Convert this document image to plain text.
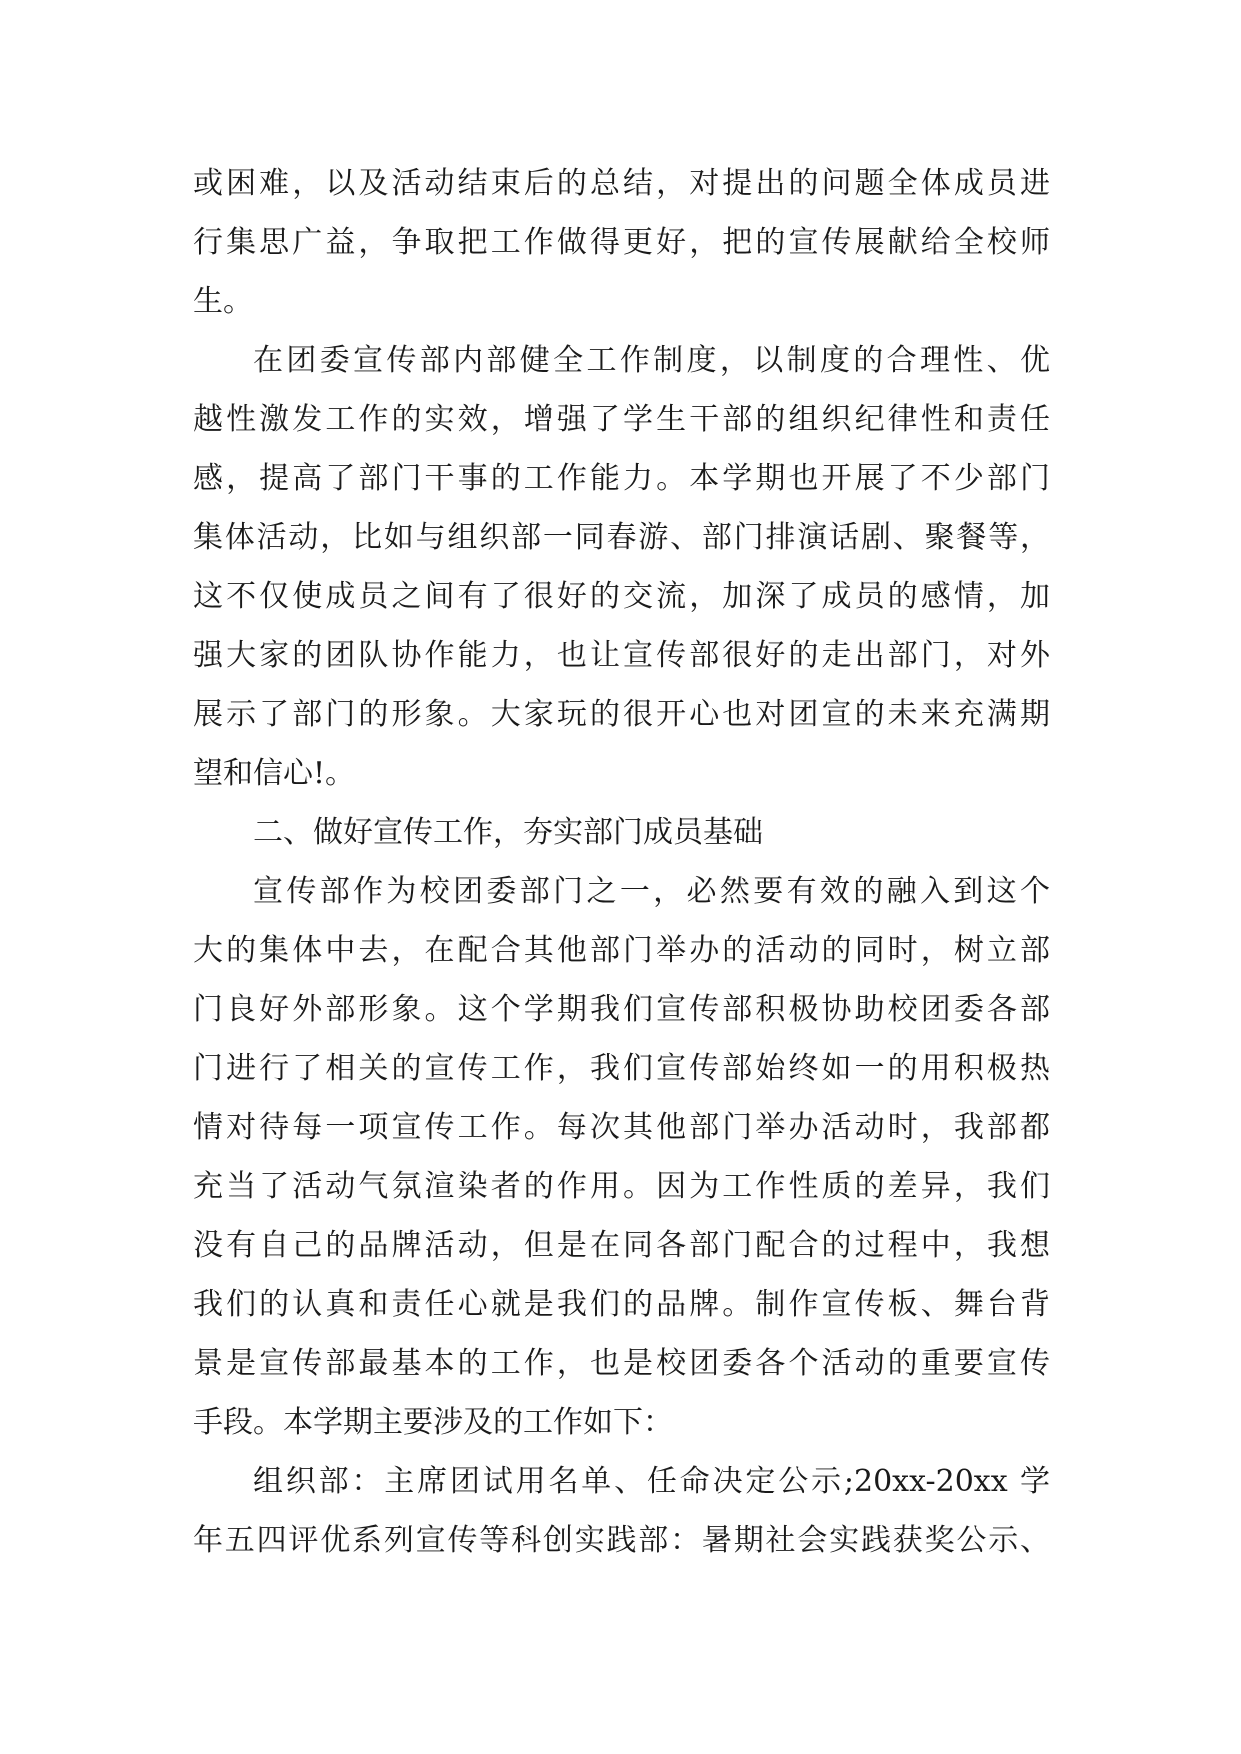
或困难，以及活动结束后的总结，对提出的问题全体成员进
行集思广益，争取把工作做得更好，把的宣传展献给全校师
生。
在团委宣传部内部健全工作制度，以制度的合理性、优
越性激发工作的实效，增强了学生干部的组织纪律性和责任
感，提高了部门干事的工作能力。本学期也开展了不少部门
集体活动，比如与组织部一同春游、部门排演话剧、聚餐等，
这不仅使成员之间有了很好的交流，加深了成员的感情，加
强大家的团队协作能力，也让宣传部很好的走出部门，对外
展示了部门的形象。大家玩的很开心也对团宣的未来充满期
望和信心!。
二、做好宣传工作，夯实部门成员基础
宣传部作为校团委部门之一，必然要有效的融入到这个
大的集体中去，在配合其他部门举办的活动的同时，树立部
门良好外部形象。这个学期我们宣传部积极协助校团委各部
门进行了相关的宣传工作，我们宣传部始终如一的用积极热
情对待每一项宣传工作。每次其他部门举办活动时，我部都
充当了活动气氛渲染者的作用。因为工作性质的差异，我们
没有自己的品牌活动，但是在同各部门配合的过程中，我想
我们的认真和责任心就是我们的品牌。制作宣传板、舞台背
景是宣传部最基本的工作，也是校团委各个活动的重要宣传
手段。本学期主要涉及的工作如下：
组织部：主席团试用名单、任命决定公示;20xx-20xx 学
年五四评优系列宣传等科创实践部：暑期社会实践获奖公示、
